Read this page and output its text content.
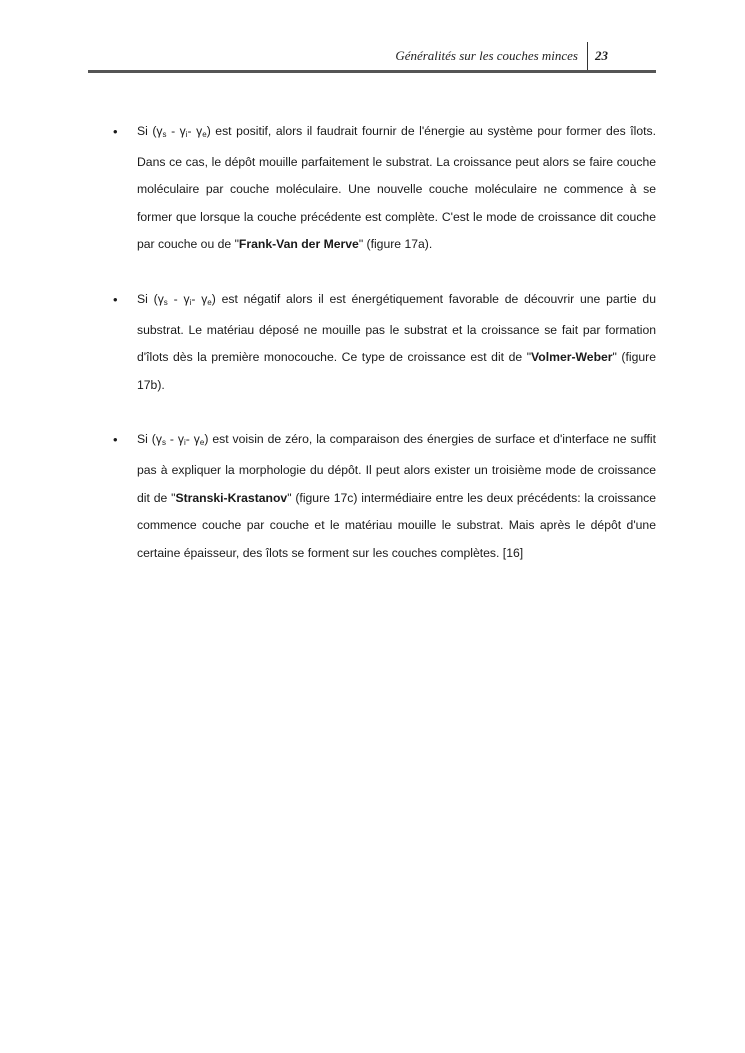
Généralités sur les couches minces 23
• Si ($\gamma_s - \gamma_i-$ $\gamma_e$) est positif, alors il faudrait fournir de l'énergie au système pour former des îlots. Dans ce cas, le dépôt mouille parfaitement le substrat. La croissance peut alors se faire couche moléculaire par couche moléculaire. Une nouvelle couche moléculaire ne commence à se former que lorsque la couche précédente est complète. C'est le mode de croissance dit couche par couche ou de "Frank-Van der Merve" (figure 17a).

• Si ($\gamma_s - \gamma_i-$ $\gamma_e$) est négatif alors il est énergétiquement favorable de découvrir une partie du substrat. Le matériau déposé ne mouille pas le substrat et la croissance se fait par formation d'îlots dès la première monocouche. Ce type de croissance est dit de "Volmer-Weber" (figure 17b).

• Si ($\gamma_s - \gamma_i-$ $\gamma_e$) est voisin de zéro, la comparaison des énergies de surface et d'interface ne suffit pas à expliquer la morphologie du dépôt. Il peut alors exister un troisième mode de croissance dit de "Stranski-Krastanov" (figure 17c) intermédiaire entre les deux précédents: la croissance commence couche par couche et le matériau mouille le substrat. Mais après le dépôt d'une certaine épaisseur, des îlots se forment sur les couches complètes. [16]
